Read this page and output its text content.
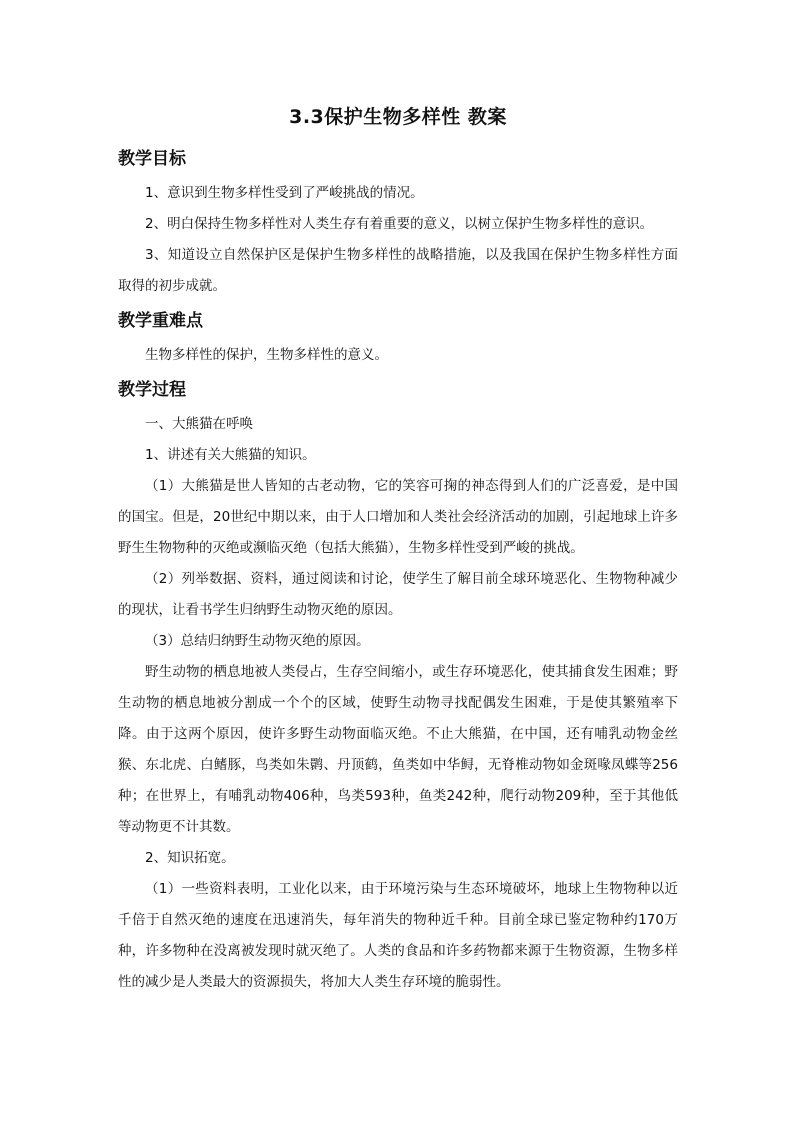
3.3保护生物多样性 教案
教学目标

1、意识到生物多样性受到了严峻挑战的情况。

2、明白保持生物多样性对人类生存有着重要的意义，以树立保护生物多样性的意识。

3、知道设立自然保护区是保护生物多样性的战略措施，以及我国在保护生物多样性方面取得的初步成就。

教学重难点

生物多样性的保护，生物多样性的意义。

教学过程

一、大熊猫在呼唤

1、讲述有关大熊猫的知识。

（1）大熊猫是世人皆知的古老动物，它的笑容可掬的神态得到人们的广泛喜爱，是中国的国宝。但是，20世纪中期以来，由于人口增加和人类社会经济活动的加剧，引起地球上许多野生生物物种的灭绝或濒临灭绝（包括大熊猫），生物多样性受到严峻的挑战。

（2）列举数据、资料，通过阅读和讨论，使学生了解目前全球环境恶化、生物物种减少的现状，让看书学生归纳野生动物灭绝的原因。

（3）总结归纳野生动物灭绝的原因。

野生动物的栖息地被人类侵占，生存空间缩小，或生存环境恶化，使其捕食发生困难；野生动物的栖息地被分割成一个个的区域，使野生动物寻找配偶发生困难，于是使其繁殖率下降。由于这两个原因，使许多野生动物面临灭绝。不止大熊猫，在中国，还有哺乳动物金丝猴、东北虎、白鳍豚，鸟类如朱鹮、丹顶鹤，鱼类如中华鲟，无脊椎动物如金斑喙凤蝶等256种；在世界上，有哺乳动物406种，鸟类593种，鱼类242种，爬行动物209种，至于其他低等动物更不计其数。

2、知识拓宽。

（1）一些资料表明，工业化以来，由于环境污染与生态环境破坏，地球上生物物种以近千倍于自然灭绝的速度在迅速消失，每年消失的物种近千种。目前全球已鉴定物种约170万种，许多物种在没离被发现时就灭绝了。人类的食品和许多药物都来源于生物资源，生物多样性的减少是人类最大的资源损失，将加大人类生存环境的脆弱性。
